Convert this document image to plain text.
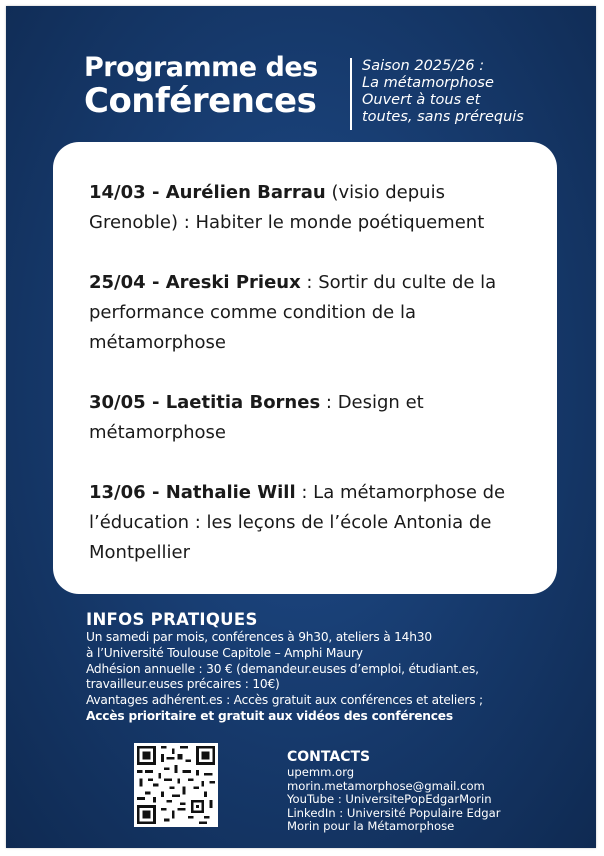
Programme des
Conférences
Saison 2025/26 :
La métamorphose
Ouvert à tous et
toutes, sans prérequis
14/03 - Aurélien Barrau (visio depuis Grenoble) : Habiter le monde poétiquement
25/04 - Areski Prieux : Sortir du culte de la performance comme condition de la métamorphose
30/05 - Laetitia Bornes : Design et métamorphose
13/06 - Nathalie Will : La métamorphose de l’éducation : les leçons de l’école Antonia de Montpellier
INFOS PRATIQUES
Un samedi par mois, conférences à 9h30, ateliers à 14h30
à l’Université Toulouse Capitole – Amphi Maury
Adhésion annuelle : 30 € (demandeur.euses d’emploi, étudiant.es,
travailleur.euses précaires : 10€)
Avantages adhérent.es : Accès gratuit aux conférences et ateliers ;
Accès prioritaire et gratuit aux vidéos des conférences
CONTACTS
upemm.org
morin.metamorphose@gmail.com
YouTube : UniversitePopEdgarMorin
LinkedIn : Université Populaire Edgar
Morin pour la Métamorphose
